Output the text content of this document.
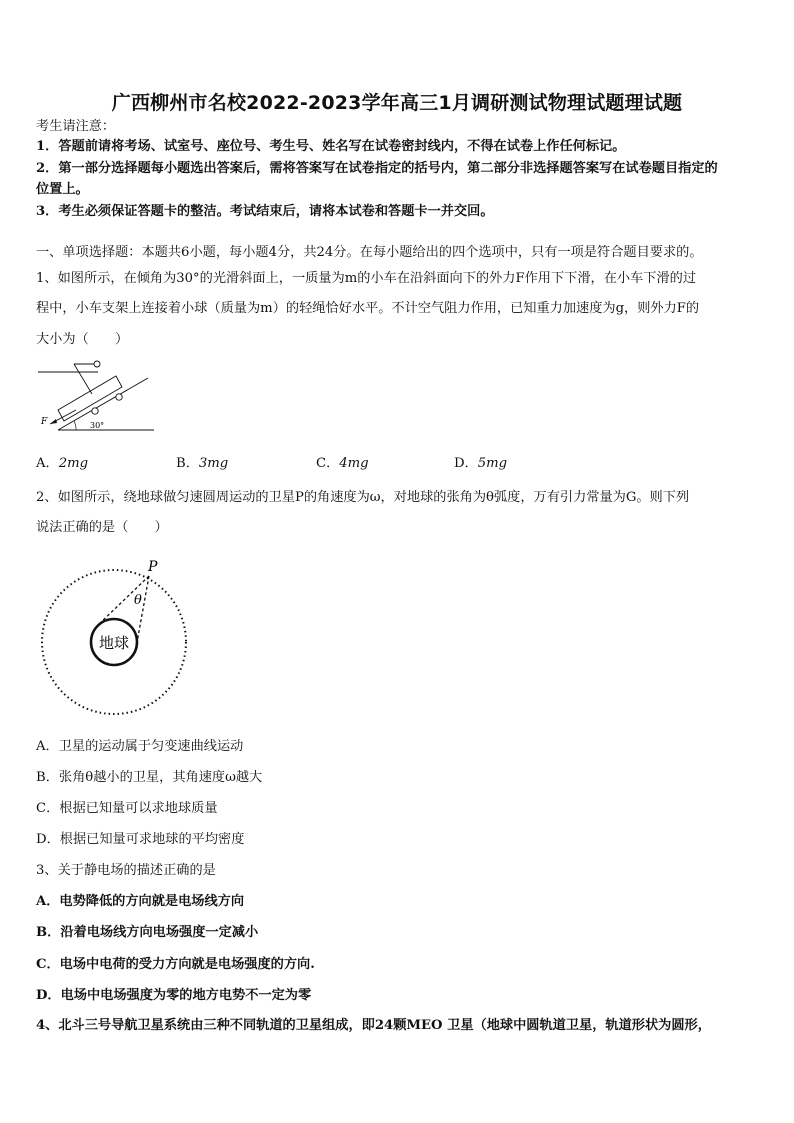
广西柳州市名校2022-2023学年高三1月调研测试物理试题理试题
考生请注意：
1．答题前请将考场、试室号、座位号、考生号、姓名写在试卷密封线内，不得在试卷上作任何标记。
2．第一部分选择题每小题选出答案后，需将答案写在试卷指定的括号内，第二部分非选择题答案写在试卷题目指定的
位置上。
3．考生必须保证答题卡的整洁。考试结束后，请将本试卷和答题卡一并交回。
一、单项选择题：本题共6小题，每小题4分，共24分。在每小题给出的四个选项中，只有一项是符合题目要求的。
1、如图所示，在倾角为30°的光滑斜面上，一质量为m的小车在沿斜面向下的外力F作用下下滑，在小车下滑的过
程中，小车支架上连接着小球（质量为m）的轻绳恰好水平。不计空气阻力作用，已知重力加速度为g，则外力F的
大小为（　　）
F	30°
A．2mg	B．3mg	C．4mg	D．5mg
2、如图所示，绕地球做匀速圆周运动的卫星P的角速度为ω，对地球的张角为θ弧度，万有引力常量为G。则下列
说法正确的是（　　）
地球
P
θ
A．卫星的运动属于匀变速曲线运动
B．张角θ越小的卫星，其角速度ω越大
C．根据已知量可以求地球质量
D．根据已知量可求地球的平均密度
3、关于静电场的描述正确的是
A．电势降低的方向就是电场线方向
B．沿着电场线方向电场强度一定减小
C．电场中电荷的受力方向就是电场强度的方向.
D．电场中电场强度为零的地方电势不一定为零
4、北斗三号导航卫星系统由三种不同轨道的卫星组成，即24颗MEO 卫星（地球中圆轨道卫星，轨道形状为圆形，
